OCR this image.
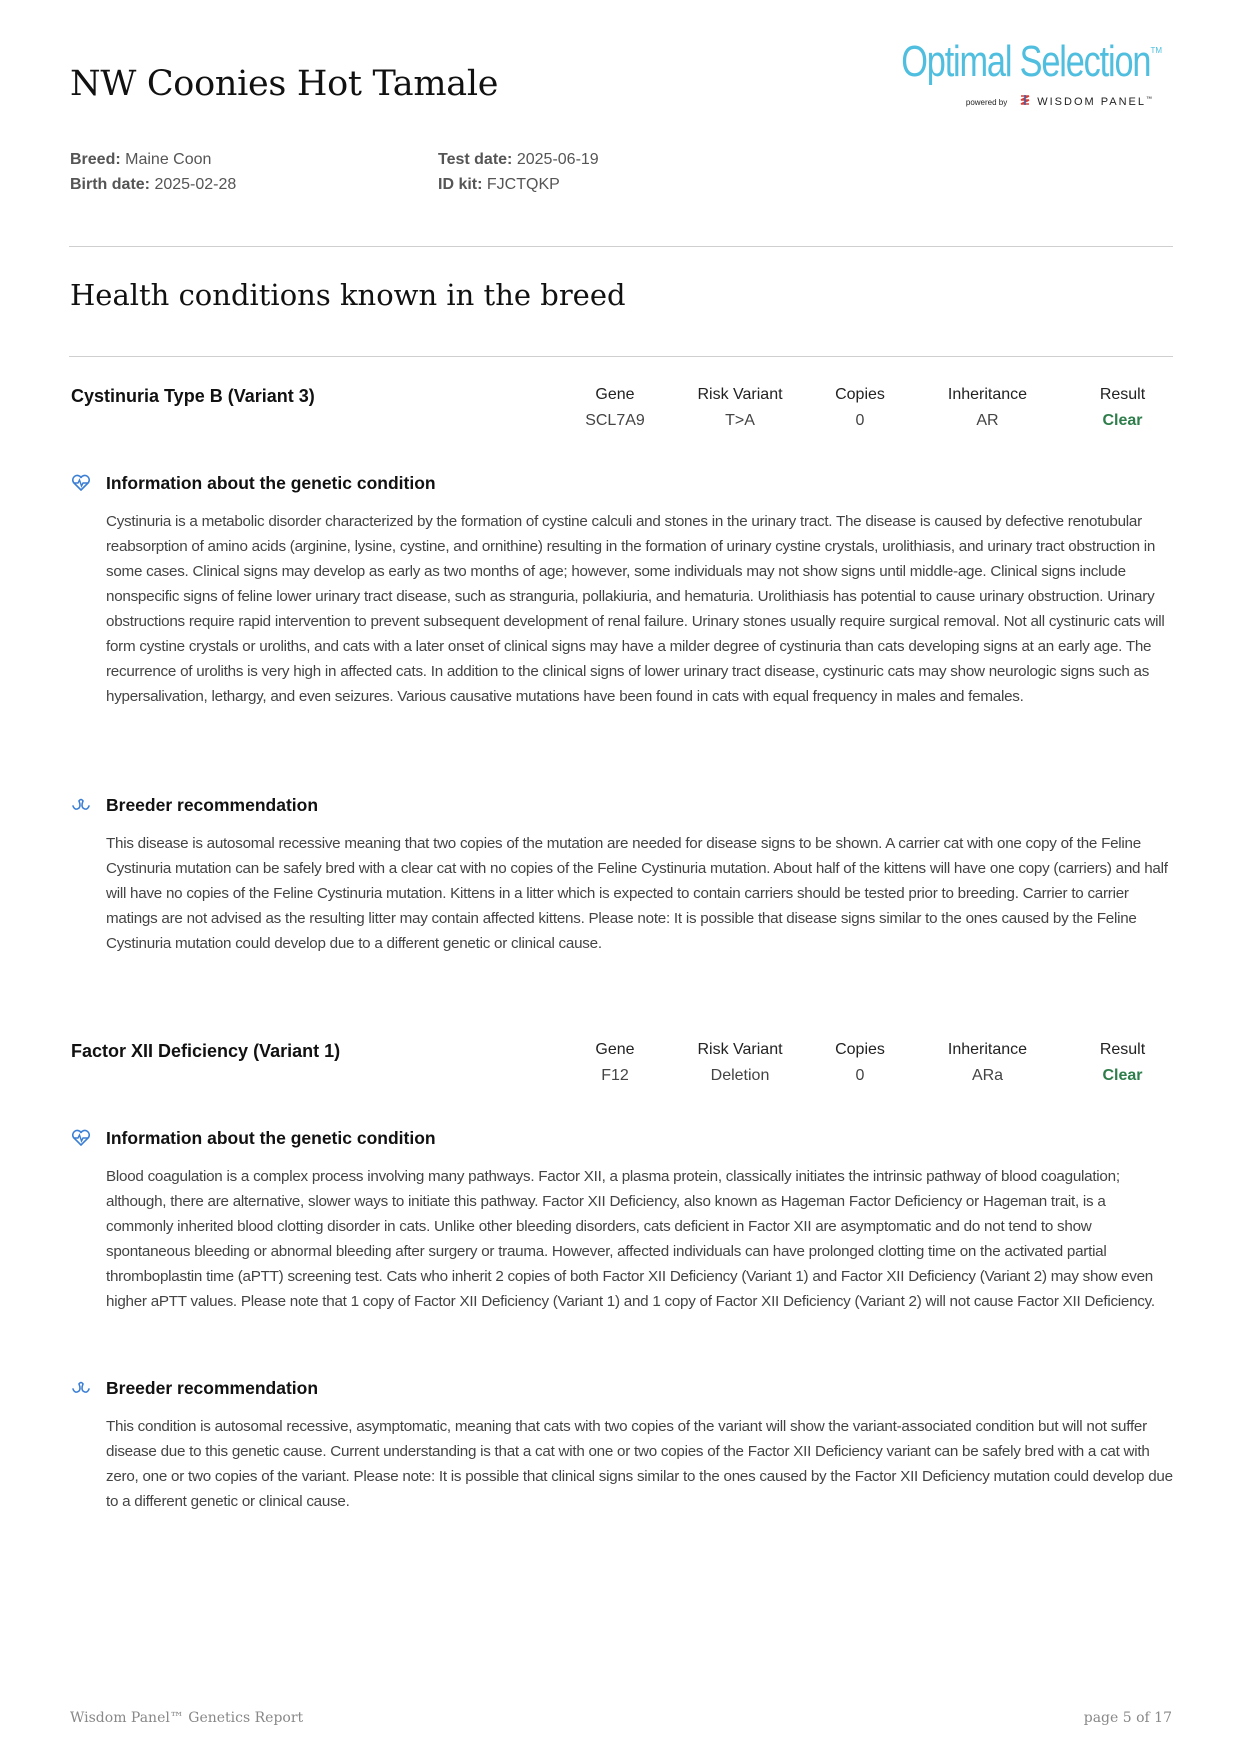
NW Coonies Hot Tamale	Optimal Selection TM
powered by	WISDOM PANEL™
Breed: Maine Coon
Birth date: 2025-02-28
Test date: 2025-06-19
ID kit: FJCTQKP
Health conditions known in the breed
Cystinuria Type B (Variant 3)	Gene	Risk Variant	Copies	Inheritance	Result
SCL7A9	T>A	0	AR	Clear
Information about the genetic condition

Cystinuria is a metabolic disorder characterized by the formation of cystine calculi and stones in the urinary tract. The disease is caused by defective renotubular reabsorption of amino acids (arginine, lysine, cystine, and ornithine) resulting in the formation of urinary cystine crystals, urolithiasis, and urinary tract obstruction in some cases. Clinical signs may develop as early as two months of age; however, some individuals may not show signs until middle-age. Clinical signs include nonspecific signs of feline lower urinary tract disease, such as stranguria, pollakiuria, and hematuria. Urolithiasis has potential to cause urinary obstruction. Urinary obstructions require rapid intervention to prevent subsequent development of renal failure. Urinary stones usually require surgical removal. Not all cystinuric cats will form cystine crystals or uroliths, and cats with a later onset of clinical signs may have a milder degree of cystinuria than cats developing signs at an early age. The recurrence of uroliths is very high in affected cats. In addition to the clinical signs of lower urinary tract disease, cystinuric cats may show neurologic signs such as hypersalivation, lethargy, and even seizures. Various causative mutations have been found in cats with equal frequency in males and females.

Breeder recommendation

This disease is autosomal recessive meaning that two copies of the mutation are needed for disease signs to be shown. A carrier cat with one copy of the Feline Cystinuria mutation can be safely bred with a clear cat with no copies of the Feline Cystinuria mutation. About half of the kittens will have one copy (carriers) and half will have no copies of the Feline Cystinuria mutation. Kittens in a litter which is expected to contain carriers should be tested prior to breeding. Carrier to carrier matings are not advised as the resulting litter may contain affected kittens. Please note: It is possible that disease signs similar to the ones caused by the Feline Cystinuria mutation could develop due to a different genetic or clinical cause.

Factor XII Deficiency (Variant 1)	Gene	Risk Variant	Copies	Inheritance	Result
F12	Deletion	0	ARa	Clear
Information about the genetic condition

Blood coagulation is a complex process involving many pathways. Factor XII, a plasma protein, classically initiates the intrinsic pathway of blood coagulation; although, there are alternative, slower ways to initiate this pathway. Factor XII Deficiency, also known as Hageman Factor Deficiency or Hageman trait, is a commonly inherited blood clotting disorder in cats. Unlike other bleeding disorders, cats deficient in Factor XII are asymptomatic and do not tend to show spontaneous bleeding or abnormal bleeding after surgery or trauma. However, affected individuals can have prolonged clotting time on the activated partial thromboplastin time (aPTT) screening test. Cats who inherit 2 copies of both Factor XII Deficiency (Variant 1) and Factor XII Deficiency (Variant 2) may show even higher aPTT values. Please note that 1 copy of Factor XII Deficiency (Variant 1) and 1 copy of Factor XII Deficiency (Variant 2) will not cause Factor XII Deficiency.

Breeder recommendation

This condition is autosomal recessive, asymptomatic, meaning that cats with two copies of the variant will show the variant-associated condition but will not suffer disease due to this genetic cause. Current understanding is that a cat with one or two copies of the Factor XII Deficiency variant can be safely bred with a cat with zero, one or two copies of the variant. Please note: It is possible that clinical signs similar to the ones caused by the Factor XII Deficiency mutation could develop due to a different genetic or clinical cause.

Wisdom Panel™ Genetics Report	page 5 of 17
